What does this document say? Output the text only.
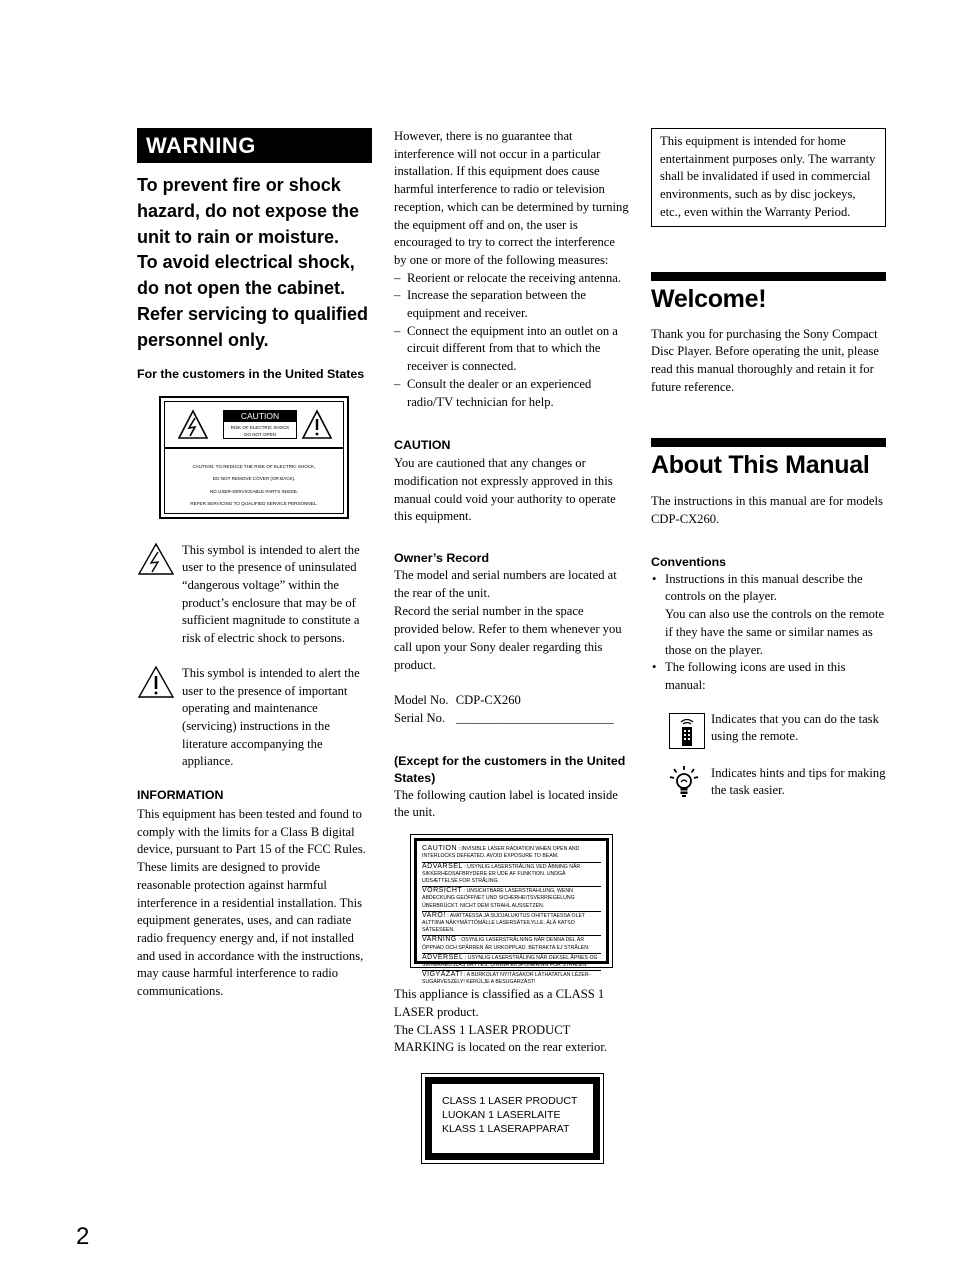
WARNING

To prevent fire or shock hazard, do not expose the unit to rain or moisture.

To avoid electrical shock, do not open the cabinet. Refer servicing to qualified personnel only.

For the customers in the United States

CAUTION
RISK OF ELECTRIC SHOCK
DO NOT OPEN
CAUTION: TO REDUCE THE RISK OF ELECTRIC SHOCK,
DO NOT REMOVE COVER (OR BACK).
NO USER-SERVICEABLE PARTS INSIDE.
REFER SERVICING TO QUALIFIED SERVICE PERSONNEL.

This symbol is intended to alert the user to the presence of uninsulated “dangerous voltage” within the product’s enclosure that may be of sufficient magnitude to constitute a risk of electric shock to persons.

This symbol is intended to alert the user to the presence of important operating and maintenance (servicing) instructions in the literature accompanying the appliance.

INFORMATION

This equipment has been tested and found to comply with the limits for a Class B digital device, pursuant to Part 15 of the FCC Rules. These limits are designed to provide reasonable protection against harmful interference in a residential installation. This equipment generates, uses, and can radiate radio frequency energy and, if not installed and used in accordance with the instructions, may cause harmful interference to radio communications.

However, there is no guarantee that interference will not occur in a particular installation. If this equipment does cause harmful interference to radio or television reception, which can be determined by turning the equipment off and on, the user is encouraged to try to correct the interference by one or more of the following measures:

– Reorient or relocate the receiving antenna.
– Increase the separation between the equipment and receiver.
– Connect the equipment into an outlet on a circuit different from that to which the receiver is connected.
– Consult the dealer or an experienced radio/TV technician for help.

CAUTION

You are cautioned that any changes or modification not expressly approved in this manual could void your authority to operate this equipment.

Owner’s Record

The model and serial numbers are located at the rear of the unit.

Record the serial number in the space provided below. Refer to them whenever you call upon your Sony dealer regarding this product.

Model No. CDP-CX260
Serial No. _________________________

(Except for the customers in the United States)

The following caution label is located inside the unit.

CAUTION : INVISIBLE LASER RADIATION WHEN OPEN AND INTERLOCKS DEFEATED. AVOID EXPOSURE TO BEAM.
ADVARSEL : USYNLIG LASERSTRÅLING VED ÅBNING NÅR SIKKERHEDSAFBRYDERE ER UDE AF FUNKTION. UNDGÅ UDSÆTTELSE FOR STRÅLING.
VORSICHT : UNSICHTBARE LASERSTRAHLUNG, WENN ABDECKUNG GEÖFFNET UND SICHERHEITSVERRIEGELUNG ÜBERBRÜCKT. NICHT DEM STRAHL AUSSETZEN.
VARO! : AVATTAESSA JA SUOJALUKITUS OHITETTAESSA OLET ALTTIINA NÄKYMÄTTÖMÄLLE LASERSÄTEILYLLE. ÄLÄ KATSO SÄTEESEEN.
VARNING : OSYNLIG LASERSTRÅLNING NÄR DENNA DEL ÄR ÖPPNAD OCH SPÄRREN ÄR URKOPPLAD. BETRAKTA EJ STRÅLEN.
ADVERSEL : USYNLIG LASERSTRÅLING NÅR DEKSEL ÅPNES OG SIKKERHEDSLÅS BRYTES. UNNGÅ EKSPONERING FOR STRÅLEN.
VIGYÁZAT! : A BURKOLAT NYITÁSAKOR LÁTHATATLAN LÉZER-SUGÁRVESZÉLY! KERÜLJE A BESUGÁRZÁST!

This appliance is classified as a CLASS 1 LASER product.

The CLASS 1 LASER PRODUCT MARKING is located on the rear exterior.

CLASS 1 LASER PRODUCT
LUOKAN 1 LASERLAITE
KLASS 1 LASERAPPARAT

This equipment is intended for home entertainment purposes only. The warranty shall be invalidated if used in commercial environments, such as by disc jockeys, etc., even within the Warranty Period.

Welcome!

Thank you for purchasing the Sony Compact Disc Player. Before operating the unit, please read this manual thoroughly and retain it for future reference.

About This Manual

The instructions in this manual are for models CDP-CX260.

Conventions

• Instructions in this manual describe the controls on the player.
You can also use the controls on the remote if they have the same or similar names as those on the player.
• The following icons are used in this manual:

Indicates that you can do the task using the remote.

Indicates hints and tips for making the task easier.

2
